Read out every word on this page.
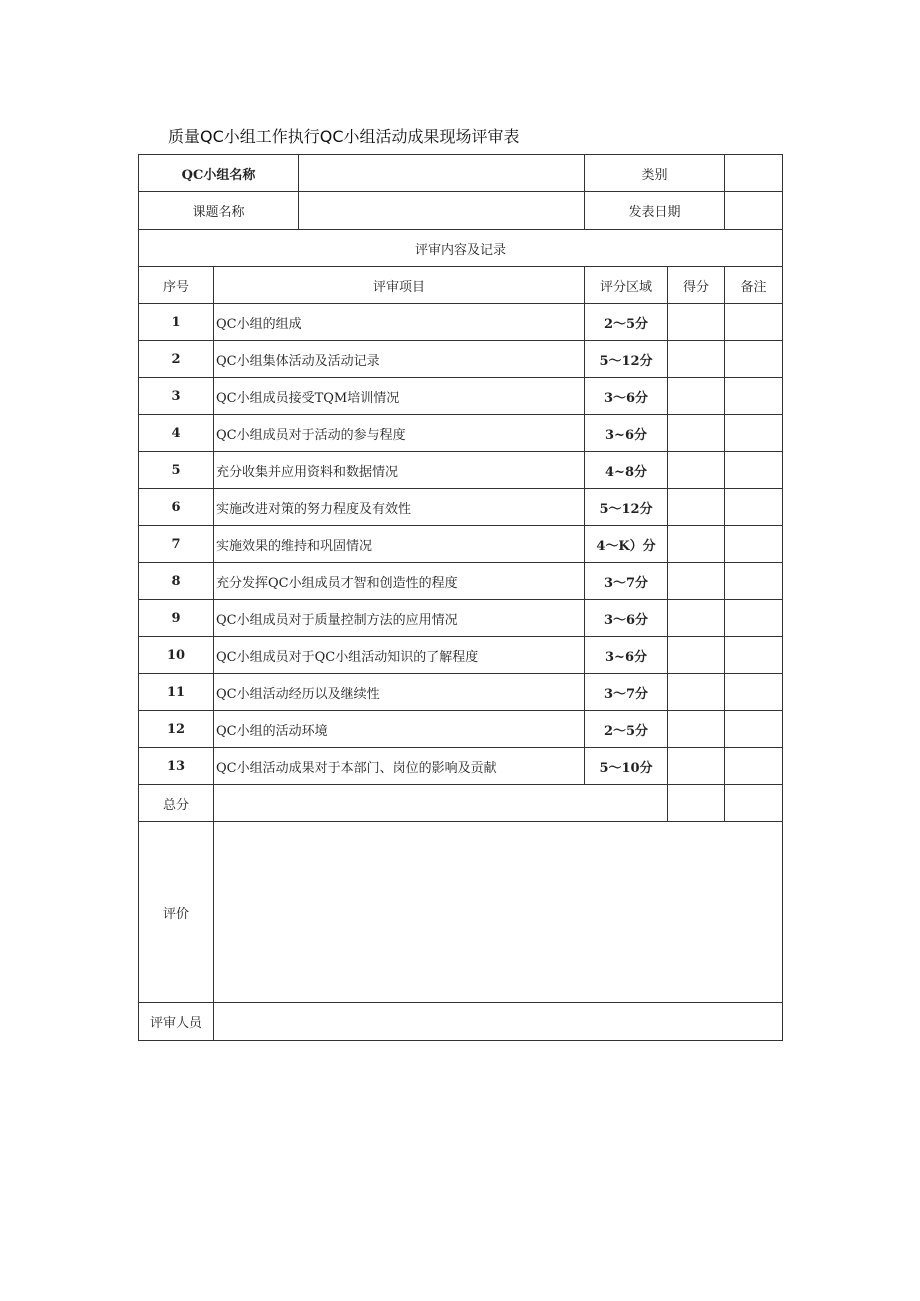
质量QC小组工作执行QC小组活动成果现场评审表
QC小组名称			类别		
课题名称			发表日期		
评审内容及记录					
序号	评审项目		评分区域	得分	备注
1	QC小组的组成		2～5分		
2	QC小组集体活动及活动记录		5～12分		
3	QC小组成员接受TQM培训情况		3～6分		
4	QC小组成员对于活动的参与程度		3~6分		
5	充分收集并应用资料和数据情况		4~8分		
6	实施改进对策的努力程度及有效性		5～12分		
7	实施效果的维持和巩固情况		4～K）分		
8	充分发挥QC小组成员才智和创造性的程度		3～7分		
9	QC小组成员对于质量控制方法的应用情况		3～6分		
10	QC小组成员对于QC小组活动知识的了解程度		3~6分		
11	QC小组活动经历以及继续性		3～7分		
12	QC小组的活动环境		2～5分		
13	QC小组活动成果对于本部门、岗位的影响及贡献		5～10分		
总分					
评价					
评审人员					
